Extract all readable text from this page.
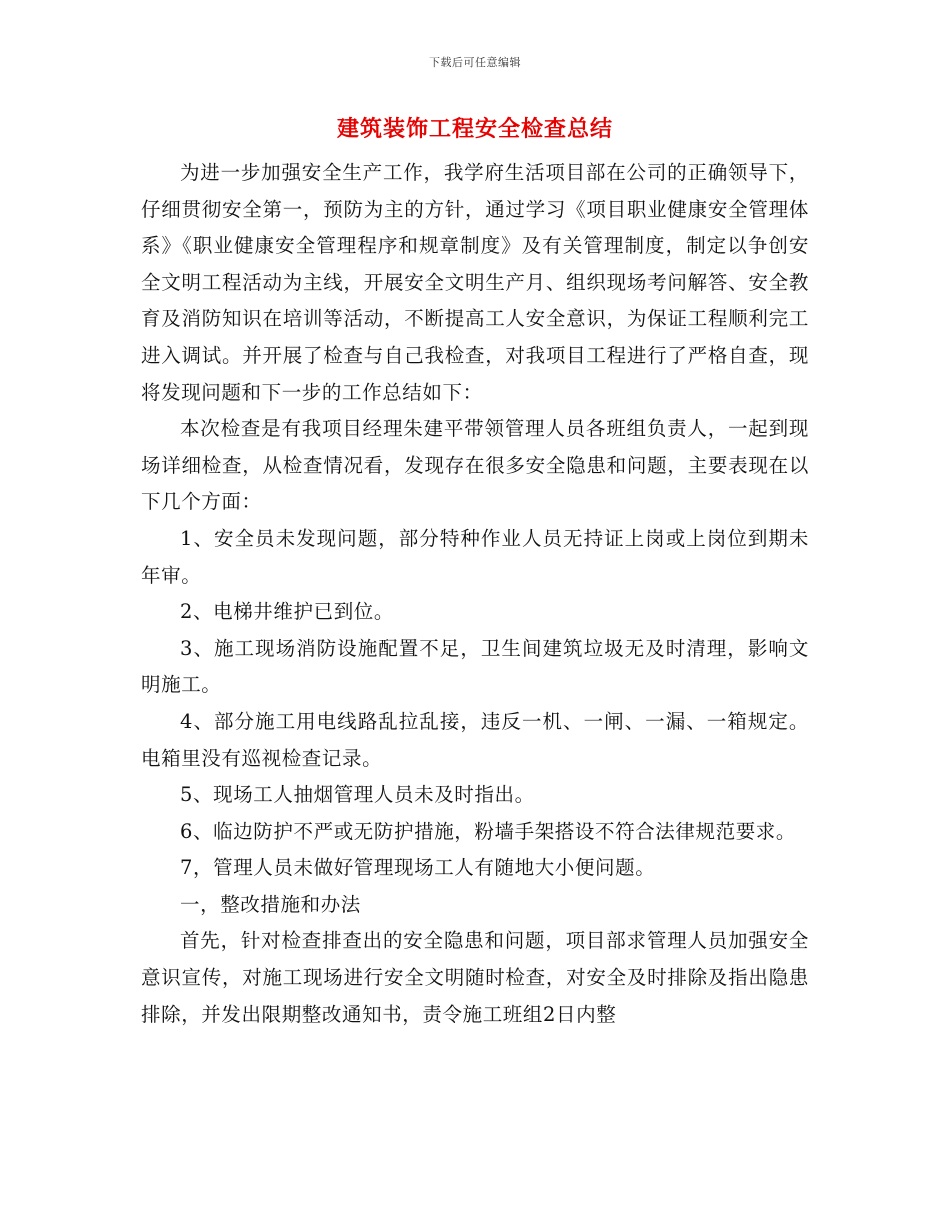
下载后可任意编辑
建筑装饰工程安全检查总结

为进一步加强安全生产工作，我学府生活项目部在公司的正确领导下，仔细贯彻安全第一，预防为主的方针，通过学习《项目职业健康安全管理体系》《职业健康安全管理程序和规章制度》及有关管理制度，制定以争创安全文明工程活动为主线，开展安全文明生产月、组织现场考问解答、安全教育及消防知识在培训等活动，不断提高工人安全意识，为保证工程顺利完工进入调试。并开展了检查与自己我检查，对我项目工程进行了严格自查，现将发现问题和下一步的工作总结如下：

本次检查是有我项目经理朱建平带领管理人员各班组负责人，一起到现场详细检查，从检查情况看，发现存在很多安全隐患和问题，主要表现在以下几个方面：

1、安全员未发现问题，部分特种作业人员无持证上岗或上岗位到期未年审。

2、电梯井维护已到位。

3、施工现场消防设施配置不足，卫生间建筑垃圾无及时清理，影响文明施工。

4、部分施工用电线路乱拉乱接，违反一机、一闸、一漏、一箱规定。电箱里没有巡视检查记录。

5、现场工人抽烟管理人员未及时指出。

6、临边防护不严或无防护措施，粉墙手架搭设不符合法律规范要求。

7，管理人员未做好管理现场工人有随地大小便问题。

一，整改措施和办法

首先，针对检查排查出的安全隐患和问题，项目部求管理人员加强安全意识宣传，对施工现场进行安全文明随时检查，对安全及时排除及指出隐患排除，并发出限期整改通知书，责令施工班组2日内整
